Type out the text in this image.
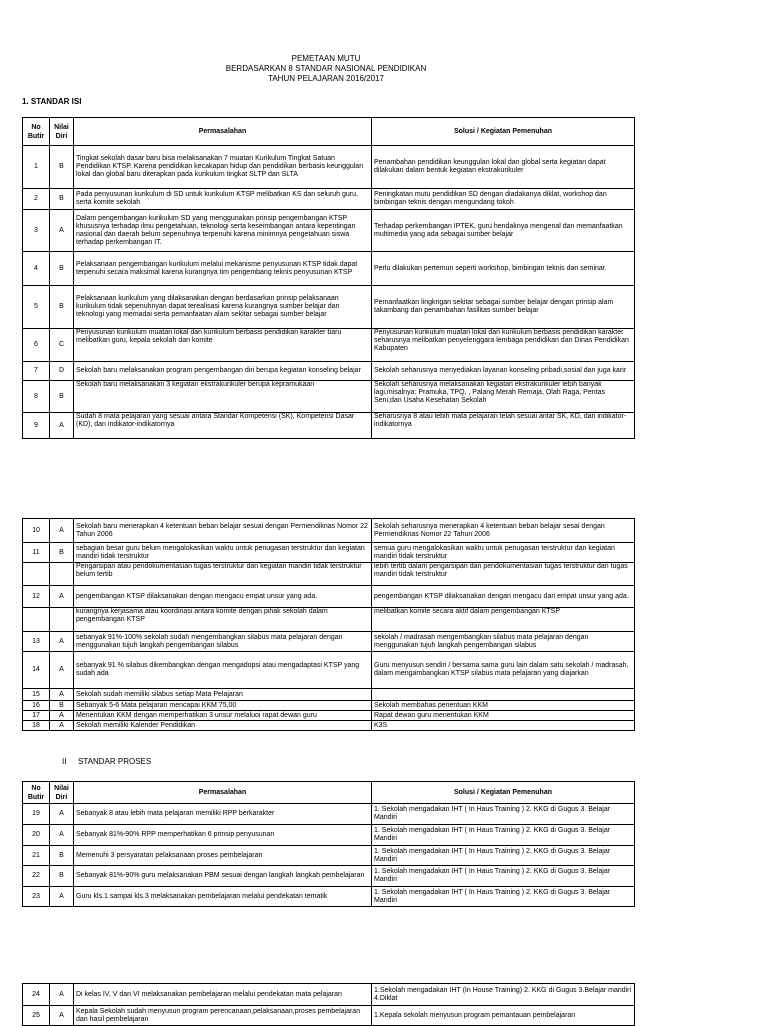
PEMETAAN MUTU
BERDASARKAN 8 STANDAR NASIONAL PENDIDIKAN
TAHUN PELAJARAN 2016/2017
1. STANDAR ISI
No Butir	Nilai Diri	Permasalahan	Solusi / Kegiatan Pemenuhan
1	B	Tingkat sekolah dasar baru bisa melaksanakan 7 muatan Kurikulum Tingkat Satuan Pendidikan KTSP. Karena pendidikan kecakapan hidup dan pendidikan berbasis keunggulan lokal dan global baru diterapkan pada kurikulum tingkat SLTP dan SLTA	Penambahan pendidikan keunggulan lokal dan global serta kegiatan dapat dilakukan dalam bentuk kegiatan ekstrakurikuler
2	B	Pada penyusunan kurikulum di SD untuk kurikulum KTSP melibatkan KS dan seluruh guru, serta komite sekolah	Peningkatan mutu pendidikan SD dengan diadakanya diklat, workshop dan bimbingan teknis dengan mengundang tokoh
3	A	Dalam pengembangan kurikulum SD yang menggunakan prinsip pengembangan KTSP khususnya terhadap ilmu pengetahuan, teknologi serta keseimbangan antara kepentingan nasional dan daerah belum sepenuhnya terpenuhi karena minimnya pengetahuan siswa terhadap perkembangan IT.	Terhadap perkembangan IPTEK, guru hendaknya mengenal dan memanfaatkan multimedia yang ada sebagai sumber belajar
4	B	Pelaksanaan pengembangan kurikulum melalui mekanisme penyusunan KTSP tidak dapat terpenuhi secara maksimal karena kurangnya tim pengembang teknis penyusunan KTSP	Perlu dilakukan pertemun seperti workshop, bimbingan teknis dan seminar.
5	B	Pelaksanaan kurikulum yang dilaksanakan dengan berdasarkan prinsip pelaksanaan kurikulum tidak sepenuhnyan dapat terealisasi karena kurangnya sumber belajar dan teknologi yang memadai serta pemanfaatan alam sekitar sebagai sumber belajar	Pemanfaatkan lingkngan sekitar sebagai sumber belajar dengan prinsip alam takambang dan penambahan fasilitas sumber belajar
6	C	Penyusunan kurikulum muatan lokal dan kurikulum berbasis pendidikan karakter baru melibatkan guru, kepala sekolah dan komite	Penyusunan kurikulum muatan lokal dan kurikulum berbasis pendidikan karakter seharusnya melibatkan penyelenggara lembaga pendidikan dan Dinas Pendidikan Kabupaten
7	D	Sekolah baru melaksanakan program pengembangan diri berupa kegiatan konseling belajar	Sekolah seharusnya menyediakan layanan konseling pribadi,sosial dan juga karir
8	B	Sekolah baru melaksanakan 3 kegiatan ekstrakurikuler berupa kepramukaan	Sekolah seharusnya melaksanakan kegiatan ekstrakurikuler lebih banyak lagi,misalnya: Pramuka, TPQ, , Palang Merah Remaja, Olah Raga, Pentas Seni,dan Usaha Kesehatan Sekolah
9	A	Sudah 8 mata pelajaran yang sesuai antara Standar Kompetensi (SK), Kompetensi Dasar (KD), dan indikator-indikatornya	Seharusnya 8 atau lebih mata pelajaran telah sesuai antar SK, KD, dan indikator-indikatornya
10	A	Sekolah baru menerapkan 4 ketentuan beban belajar sesuai dengan Permendiknas Nomor 22 Tahun 2006	Sekolah seharusnya menerapkan 4 ketentuan beban belajar sesai dengan Permendiknas Nomor 22 Tahun 2006
11	B	sebagian besar guru belum mengalokasikan waktu untuk penugasan terstruktur dan kegiatan mandiri tidak terstruktur	semua guru mengalokasikan waktu untuk penugasan terstruktur dan kegiatan mandiri tidak terstruktur
		Pengarsipan atau pendokumentasian tugas terstruktur dan kegiatan mandiri tidak terstruktur belum tertib	lebih tertib dalam pengarsipan dan pendokumentasian tugas terstruktur dan tugas mandiri tidak terstruktur
12	A	pengembangan KTSP dilaksanakan dengan mengacu empat unsur yang ada.	pengembangan KTSP dilaksanakan dengan mengacu dari empat unsur yang ada.
		kurangnya kerjasama atau koordinasi antara komite dengan pihak sekolah dalam pengembangan KTSP	melibatkan komite secara aktif dalam pengembangan KTSP
13	A	sebanyak 91%-100% sekolah sudah mengembangkan silabus mata pelajaran dengan menggunakan tujuh langkah pengembangan silabus	sekolah / madrasah mengembangkan silabus mata pelajaran dengan menggunakan tujuh langkah pengembangan silabus
14	A	sebanyak 91 % silabus dikembangkan dengan mengadopsi atau mengadaptasi KTSP yang sudah ada	Guru menyusun sendiri / bersama sama guru lain dalam satu sekolah / madrasah, dalam mengambangkan KTSP silabus mata pelajaran yang diajarkan
15	A	Sekolah sudah memiliki silabus setiap Mata Pelajaran	
16	B	Sebanyak 5-6 Mata pelajaran mencapai KKM 75,00	Sekolah membahas penentuan KKM
17	A	Menentukan KKM dengan memperhatikan 3 unsur melaluoi rapat dewan guru	Rapat dewan guru menentukan KKM
18	A	Sekolah memiliki Kalender Pendidikan	K3S
II STANDAR PROSES
No Butir	Nilai Diri	Permasalahan	Solusi / Kegiatan Pemenuhan
19	A	Sebanyak 8 atau lebih mata pelajaran memiliki RPP berkarakter	1. Sekolah mengadakan IHT ( In Haus Training ) 2. KKG di Gugus 3. Belajar Mandiri
20	A	Sebanyak 81%-90% RPP memperhatikan 6 prinsip penyusunan	1. Sekolah mengadakan IHT ( In Haus Training ) 2. KKG di Gugus 3. Belajar Mandiri
21	B	Memenuhi 3 persyaratan pelaksanaan proses pembelajaran	1. Sekolah mengadakan IHT ( In Haus Training ) 2. KKG di Gugus 3. Belajar Mandiri
22	B	Sebanyak 81%-90% guru melaksanakan PBM sesuai dengan langkah langkah pembelajaran	1. Sekolah mengadakan IHT ( In Haus Training ) 2. KKG di Gugus 3. Belajar Mandiri
23	A	Guru kls.1 sampai kls.3 melaksanakan pembelajaran melalui pendekatan tematik	1. Sekolah mengadakan IHT ( In Haus Training ) 2. KKG di Gugus 3. Belajar Mandiri
24	A	Di kelas IV, V dan VI melaksanakan pembelajaran melalui pendekatan mata pelajaran	1.Sekolah mengadakan IHT (In House Training) 2. KKG di Gugus 3.Belajar mandiri 4.Diklat
25	A	Kepala Sekolah sudah menyusun program perencanaan,pelaksanaan,proses pembelajaran dan hasil pembelajaran	1.Kepala sekolah menyusun program pemantauan pembelajaran
